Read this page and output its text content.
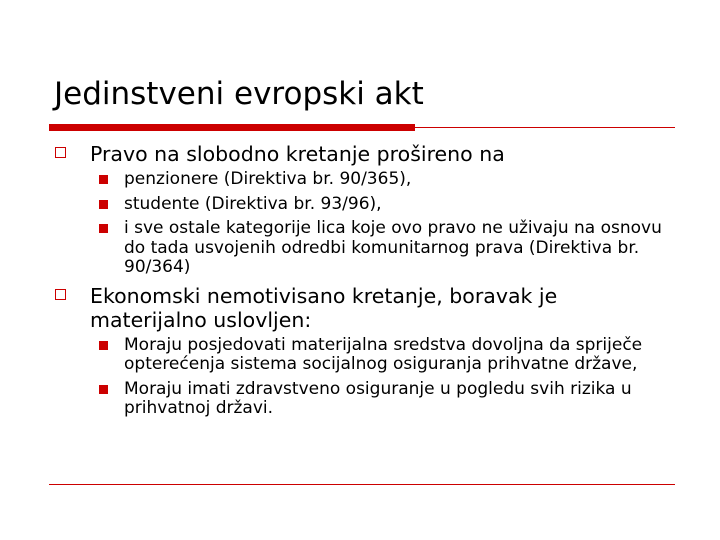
Jedinstveni evropski akt
Pravo na slobodno kretanje prošireno na
penzionere (Direktiva br. 90/365),
studente (Direktiva br. 93/96),
i sve ostale kategorije lica koje ovo pravo ne uživaju na osnovu do tada usvojenih odredbi komunitarnog prava (Direktiva br. 90/364)
Ekonomski nemotivisano kretanje, boravak je materijalno uslovljen:
Moraju posjedovati materijalna sredstva dovoljna da spriječe opterećenja sistema socijalnog osiguranja prihvatne države,
Moraju imati zdravstveno osiguranje u pogledu svih rizika u prihvatnoj državi.
